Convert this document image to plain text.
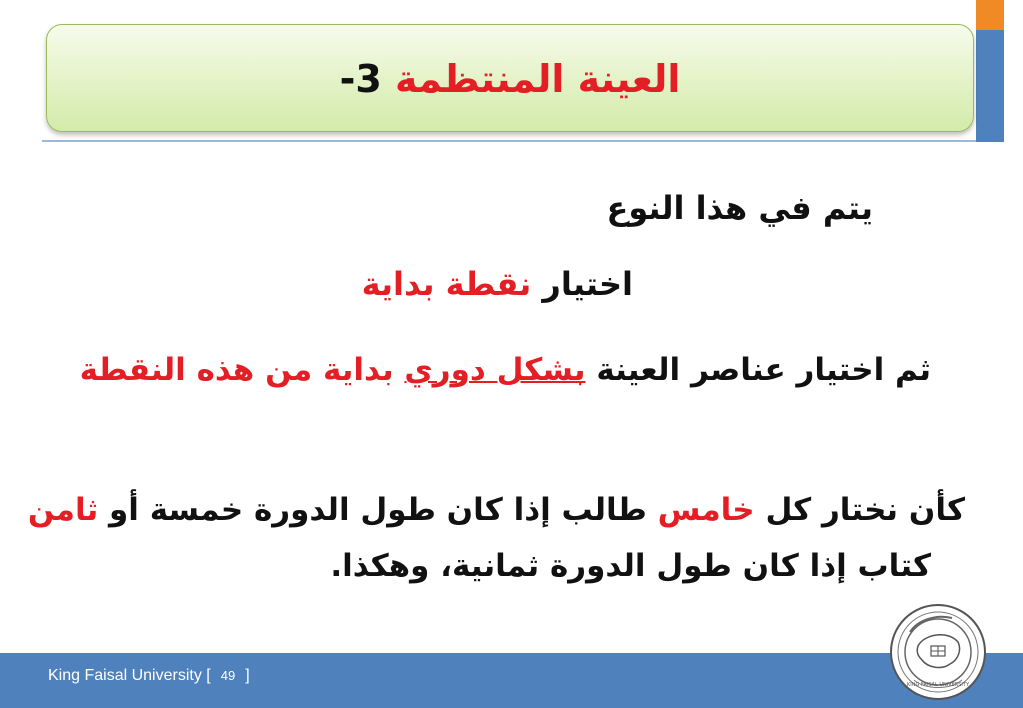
العينة المنتظمة 3-
يتم في هذا النوع
اختيار نقطة بداية
ثم اختيار عناصر العينة بشكل دوري بداية من هذه النقطة
كأن نختار كل خامس طالب إذا كان طول الدورة خمسة أو ثامن
كتاب إذا كان طول الدورة ثمانية، وهكذا.
King Faisal University [ 49 ]
KING FAISAL UNIVERSITY
